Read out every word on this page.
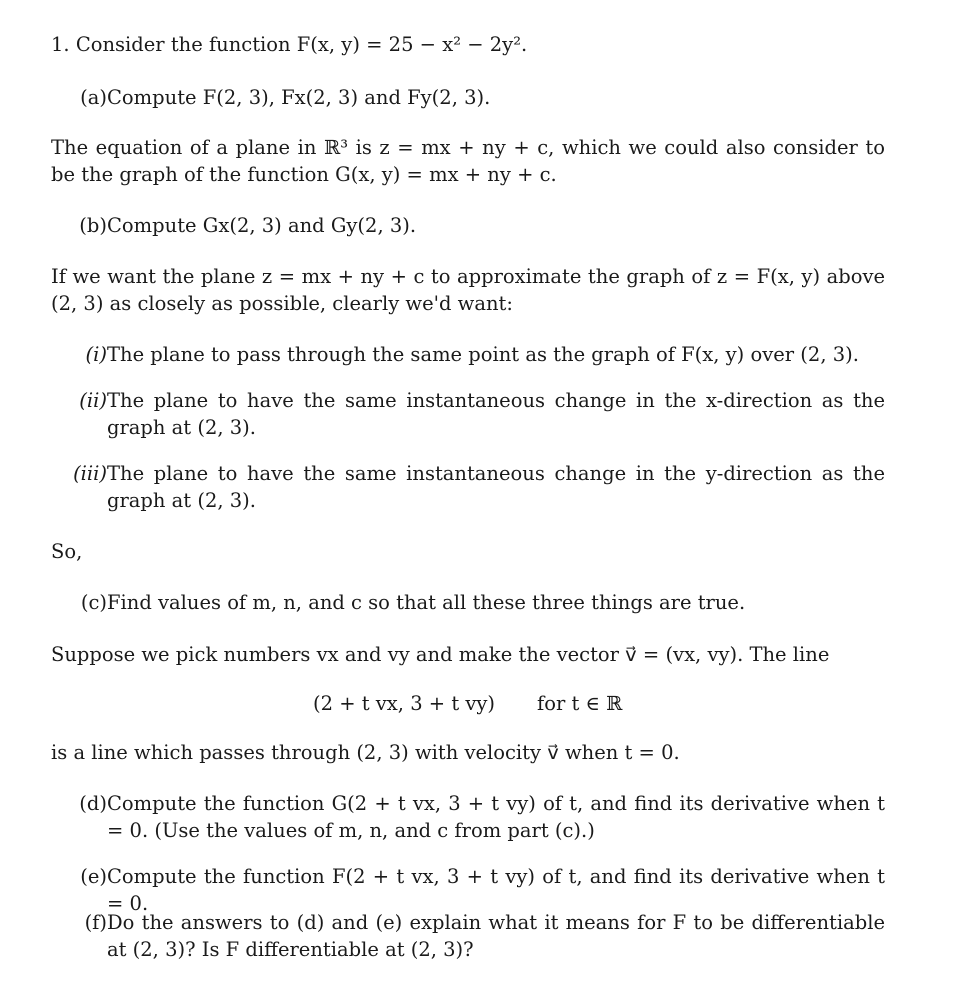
1. Consider the function F(x, y) = 25 − x² − 2y².
(a) Compute F(2, 3), Fx(2, 3) and Fy(2, 3).
The equation of a plane in ℝ³ is z = mx + ny + c, which we could also consider to be the graph of the function G(x, y) = mx + ny + c.
(b) Compute Gx(2, 3) and Gy(2, 3).
If we want the plane z = mx + ny + c to approximate the graph of z = F(x, y) above (2, 3) as closely as possible, clearly we'd want:
(i) The plane to pass through the same point as the graph of F(x, y) over (2, 3).
(ii) The plane to have the same instantaneous change in the x-direction as the graph at (2, 3).
(iii) The plane to have the same instantaneous change in the y-direction as the graph at (2, 3).
So,
(c) Find values of m, n, and c so that all these three things are true.
Suppose we pick numbers vx and vy and make the vector v⃗ = (vx, vy). The line
(2 + t vx, 3 + t vy) for t ∈ ℝ
is a line which passes through (2, 3) with velocity v⃗ when t = 0.
(d) Compute the function G(2 + t vx, 3 + t vy) of t, and find its derivative when t = 0. (Use the values of m, n, and c from part (c).)
(e) Compute the function F(2 + t vx, 3 + t vy) of t, and find its derivative when t = 0.
(f) Do the answers to (d) and (e) explain what it means for F to be differentiable at (2, 3)? Is F differentiable at (2, 3)?
